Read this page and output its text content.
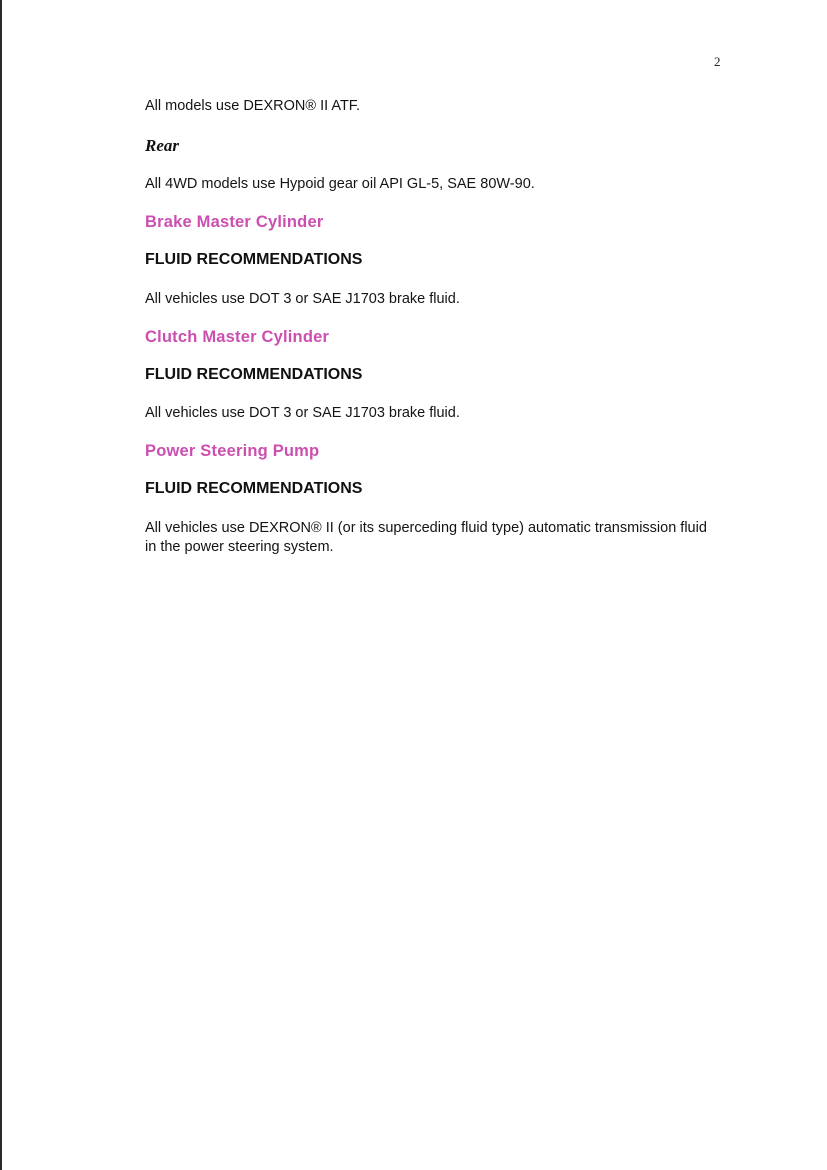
2
All models use DEXRON® II ATF.
Rear
All 4WD models use Hypoid gear oil API GL-5, SAE 80W-90.
Brake Master Cylinder
FLUID RECOMMENDATIONS
All vehicles use DOT 3 or SAE J1703 brake fluid.
Clutch Master Cylinder
FLUID RECOMMENDATIONS
All vehicles use DOT 3 or SAE J1703 brake fluid.
Power Steering Pump
FLUID RECOMMENDATIONS
All vehicles use DEXRON® II (or its superceding fluid type) automatic transmission fluid in the power steering system.
